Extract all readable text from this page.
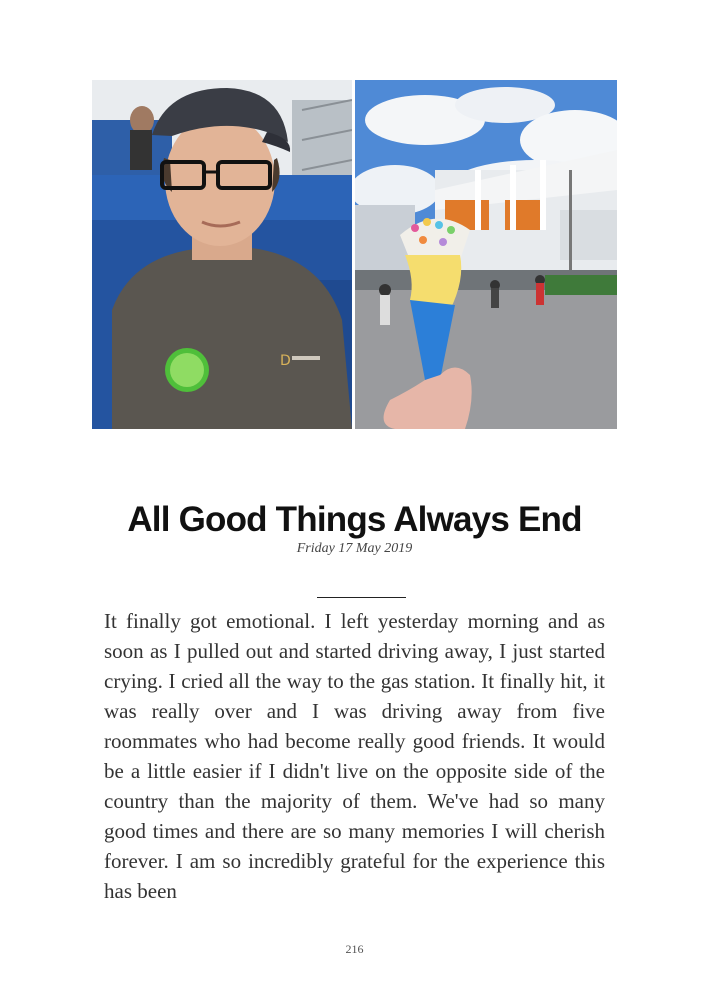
D
All Good Things Always End
Friday 17 May 2019

It finally got emotional. I left yesterday morning and as soon as I pulled out and started driving away, I just started crying. I cried all the way to the gas station. It finally hit, it was really over and I was driving away from five roommates who had become really good friends. It would be a little easier if I didn't live on the opposite side of the country than the majority of them. We've had so many good times and there are so many memories I will cherish forever. I am so incredibly grateful for the experience this has been

216
